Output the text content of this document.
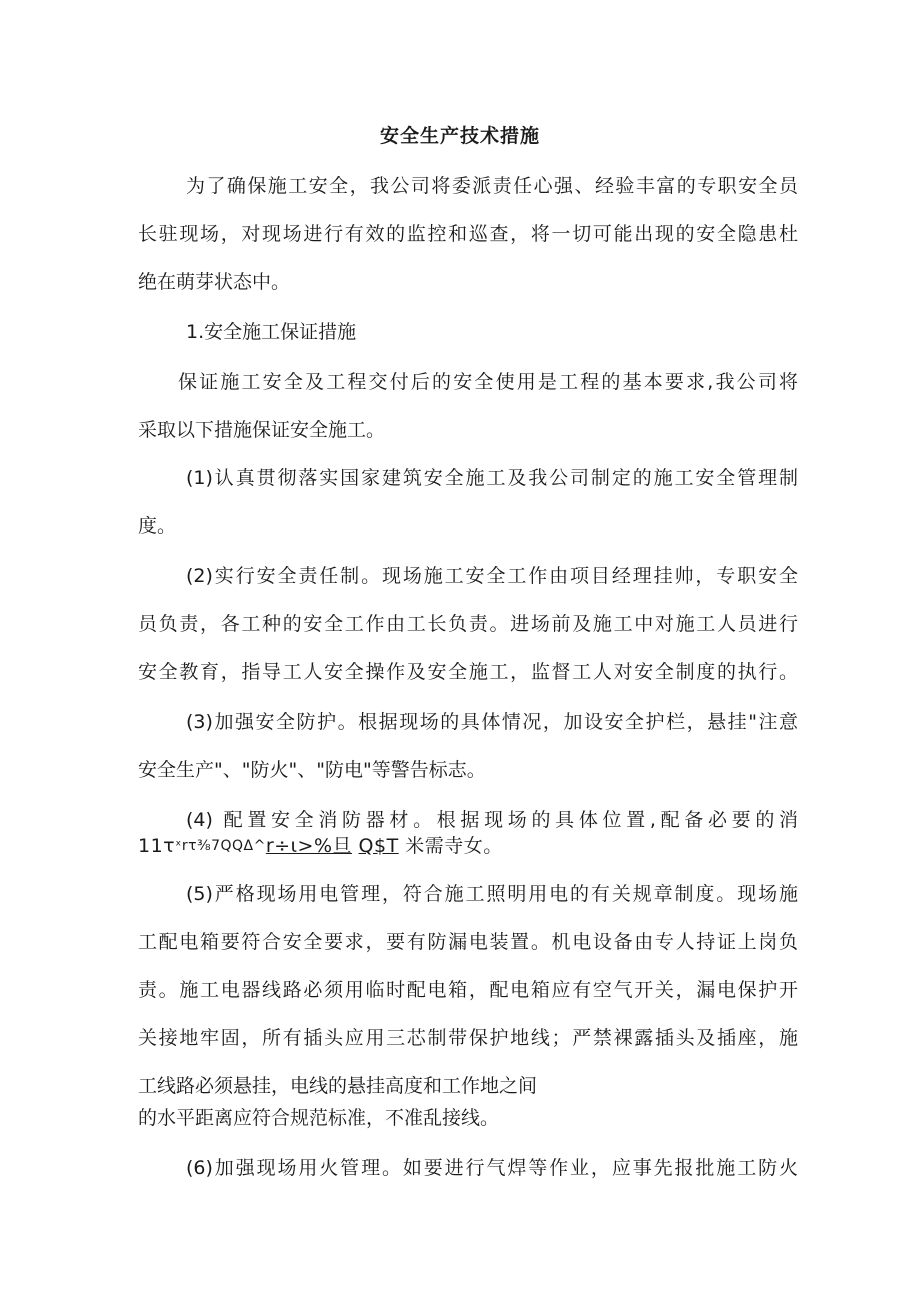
安全生产技术措施
为了确保施工安全，我公司将委派责任心强、经验丰富的专职安全员
长驻现场，对现场进行有效的监控和巡查，将一切可能出现的安全隐患杜
绝在萌芽状态中。
1.安全施工保证措施
保证施工安全及工程交付后的安全使用是工程的基本要求,我公司将
采取以下措施保证安全施工。
(1)认真贯彻落实国家建筑安全施工及我公司制定的施工安全管理制
度。
(2)实行安全责任制。现场施工安全工作由项目经理挂帅，专职安全
员负责，各工种的安全工作由工长负责。进场前及施工中对施工人员进行
安全教育，指导工人安全操作及安全施工，监督工人对安全制度的执行。
(3)加强安全防护。根据现场的具体情况，加设安全护栏，悬挂"注意
安全生产"、"防火"、"防电"等警告标志。
(4) 配置安全消防器材。根据现场的具体位置,配备必要的消
$11\tau^{ˣr\tau\frac{3}{8}7QQ\Delta\^{}}r\div\iota>\%$旦 Q$T 米需寺女。
(5)严格现场用电管理，符合施工照明用电的有关规章制度。现场施
工配电箱要符合安全要求，要有防漏电装置。机电设备由专人持证上岗负
责。施工电器线路必须用临时配电箱，配电箱应有空气开关，漏电保护开
关接地牢固，所有插头应用三芯制带保护地线；严禁裸露插头及插座，施
工线路必须悬挂，电线的悬挂高度和工作地之间
的水平距离应符合规范标准，不准乱接线。
(6)加强现场用火管理。如要进行气焊等作业，应事先报批施工防火
